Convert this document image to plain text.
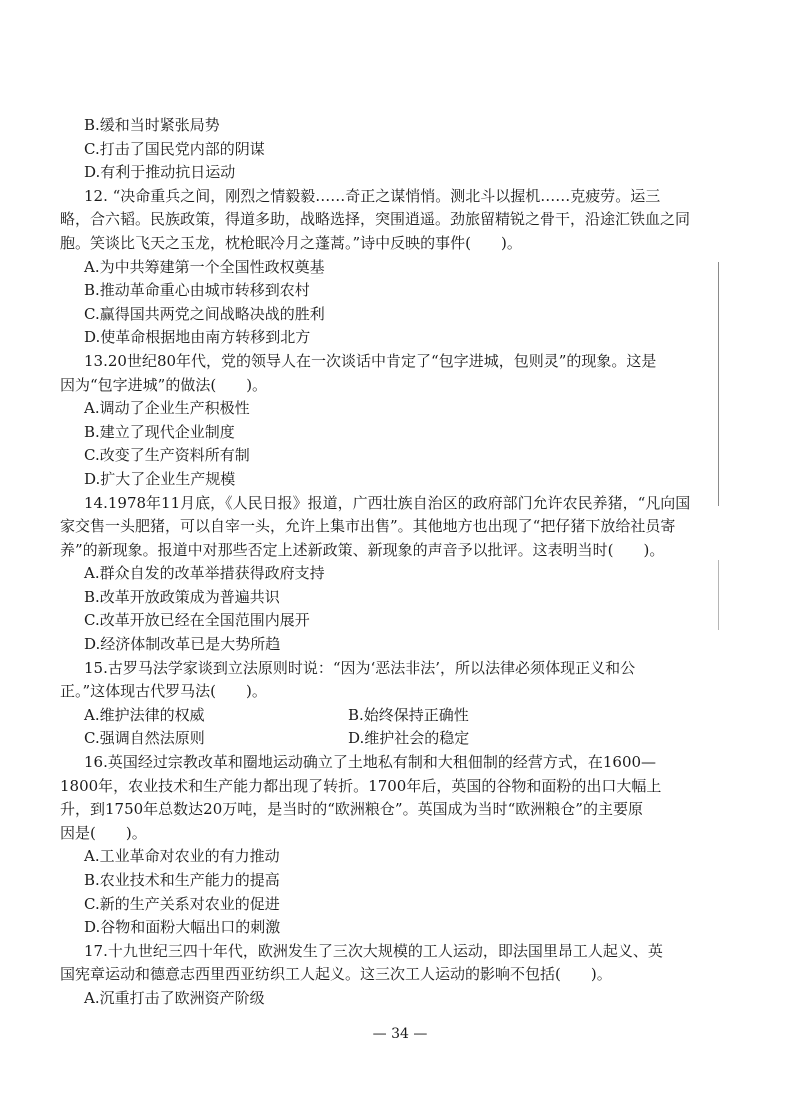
B.缓和当时紧张局势
C.打击了国民党内部的阴谋
D.有利于推动抗日运动
12. “决命重兵之间，刚烈之情毅毅……奇正之谋悄悄。测北斗以握机……克疲劳。运三
略，合六韬。民族政策，得道多助，战略选择，突围逍遥。劲旅留精锐之骨干，沿途汇铁血之同
胞。笑谈比飞天之玉龙，枕枪眠冷月之蓬蒿。”诗中反映的事件(　　)。
A.为中共筹建第一个全国性政权奠基
B.推动革命重心由城市转移到农村
C.赢得国共两党之间战略决战的胜利
D.使革命根据地由南方转移到北方
13.20世纪80年代，党的领导人在一次谈话中肯定了“包字进城，包则灵”的现象。这是
因为“包字进城”的做法(　　)。
A.调动了企业生产积极性
B.建立了现代企业制度
C.改变了生产资料所有制
D.扩大了企业生产规模
14.1978年11月底，《人民日报》报道，广西壮族自治区的政府部门允许农民养猪，“凡向国
家交售一头肥猪，可以自宰一头，允许上集市出售”。其他地方也出现了“把仔猪下放给社员寄
养”的新现象。报道中对那些否定上述新政策、新现象的声音予以批评。这表明当时(　　)。
A.群众自发的改革举措获得政府支持
B.改革开放政策成为普遍共识
C.改革开放已经在全国范围内展开
D.经济体制改革已是大势所趋
15.古罗马法学家谈到立法原则时说：“因为‘恶法非法’，所以法律必须体现正义和公
正。”这体现古代罗马法(　　)。
A.维护法律的权威	B.始终保持正确性
C.强调自然法原则	D.维护社会的稳定
16.英国经过宗教改革和圈地运动确立了土地私有制和大租佃制的经营方式，在1600—
1800年，农业技术和生产能力都出现了转折。1700年后，英国的谷物和面粉的出口大幅上
升，到1750年总数达20万吨，是当时的“欧洲粮仓”。英国成为当时“欧洲粮仓”的主要原
因是(　　)。
A.工业革命对农业的有力推动
B.农业技术和生产能力的提高
C.新的生产关系对农业的促进
D.谷物和面粉大幅出口的刺激
17.十九世纪三四十年代，欧洲发生了三次大规模的工人运动，即法国里昂工人起义、英
国宪章运动和德意志西里西亚纺织工人起义。这三次工人运动的影响不包括(　　)。
A.沉重打击了欧洲资产阶级
— 34 —
